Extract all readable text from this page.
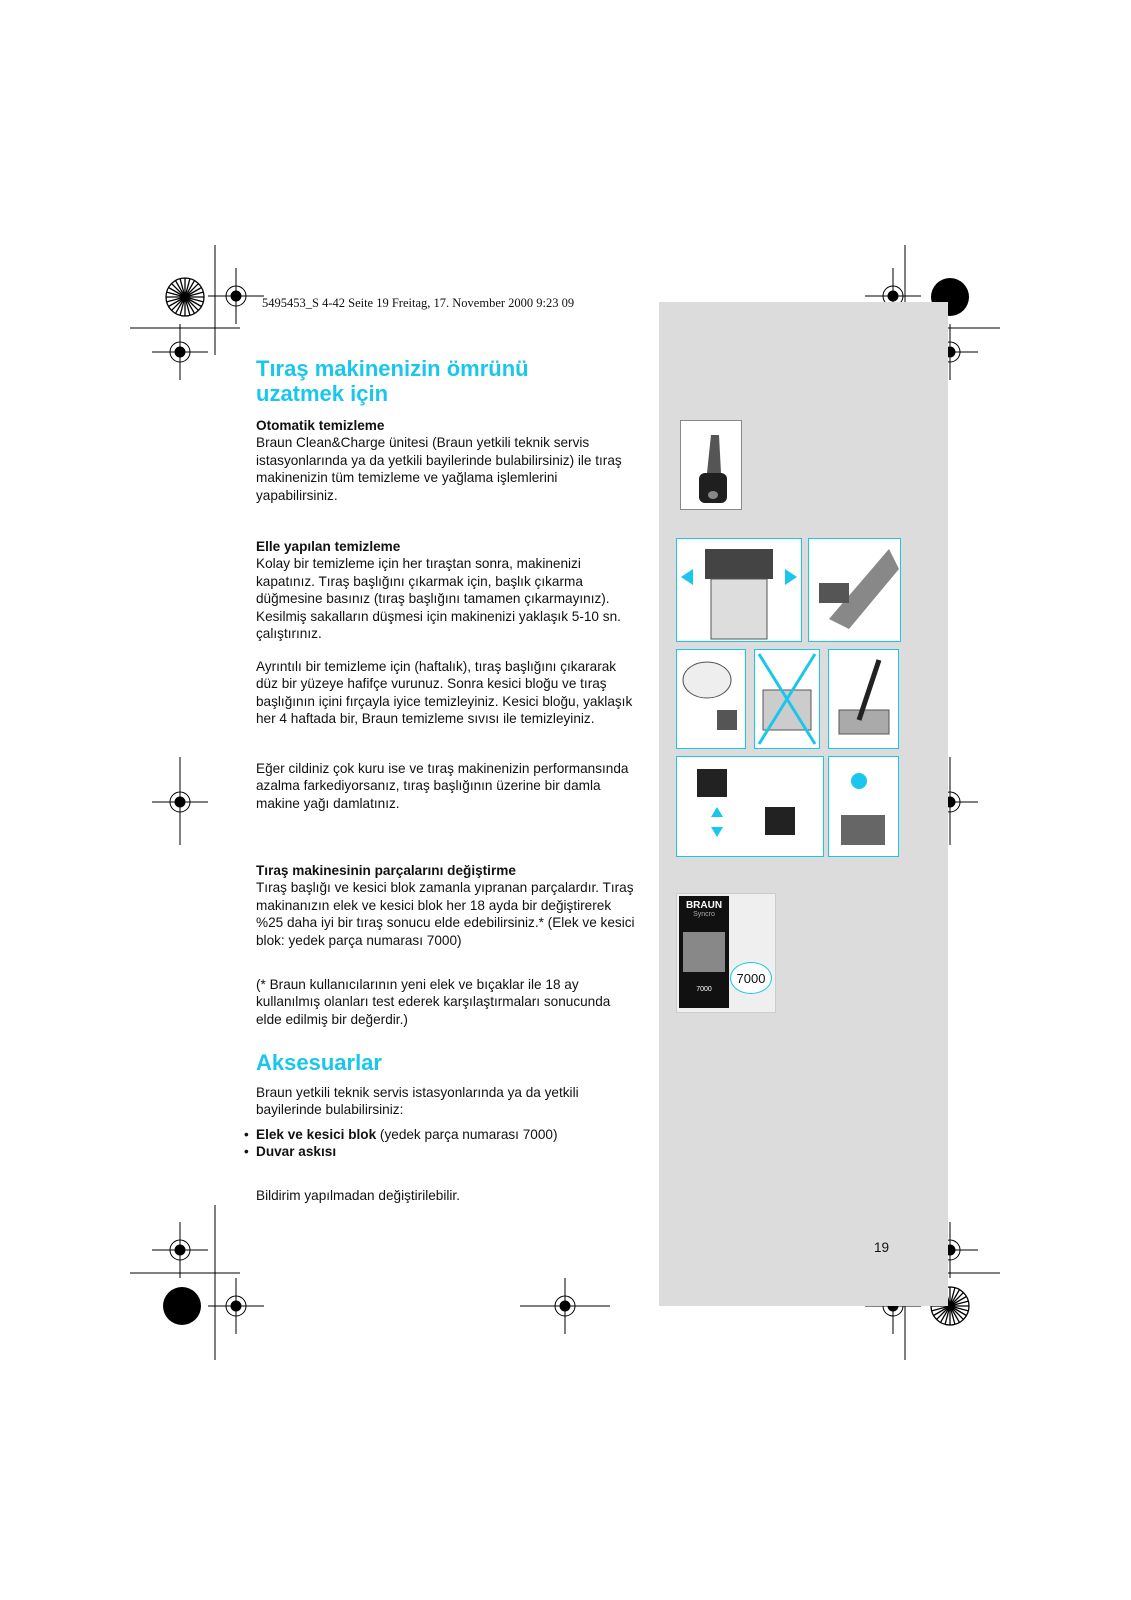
5495453_S 4-42 Seite 19 Freitag, 17. November 2000 9:23 09
Tıraş makinenizin ömrünü uzatmek için
Otomatik temizleme

Braun Clean&Charge ünitesi (Braun yetkili teknik servis istasyonlarında ya da yetkili bayilerinde bulabilirsiniz) ile tıraş makinenizin tüm temizleme ve yağlama işlemlerini yapabilirsiniz.

Elle yapılan temizleme

Kolay bir temizleme için her tıraştan sonra, makinenizi kapatınız. Tıraş başlığını çıkarmak için, başlık çıkarma düğmesine basınız (tıraş başlığını tamamen çıkarmayınız). Kesilmiş sakalların düşmesi için makinenizi yaklaşık 5-10 sn. çalıştırınız.

Ayrıntılı bir temizleme için (haftalık), tıraş başlığını çıkararak düz bir yüzeye hafifçe vurunuz. Sonra kesici bloğu ve tıraş başlığının içini fırçayla iyice temizleyiniz. Kesici bloğu, yaklaşık her 4 haftada bir, Braun temizleme sıvısı ile temizleyiniz.

Eğer cildiniz çok kuru ise ve tıraş makinenizin performansında azalma farkediyorsanız, tıraş başlığının üzerine bir damla makine yağı damlatınız.

Tıraş makinesinin parçalarını değiştirme

Tıraş başlığı ve kesici blok zamanla yıpranan parçalardır. Tıraş makinanızın elek ve kesici blok her 18 ayda bir değiştirerek %25 daha iyi bir tıraş sonucu elde edebilirsiniz.* (Elek ve kesici blok: yedek parça numarası 7000)

(* Braun kullanıcılarının yeni elek ve bıçaklar ile 18 ay kullanılmış olanları test ederek karşılaştırmaları sonucunda elde edilmiş bir değerdir.)

Aksesuarlar
Braun yetkili teknik servis istasyonlarında ya da yetkili bayilerinde bulabilirsiniz:
• Elek ve kesici blok (yedek parça numarası 7000)
• Duvar askısı
Bildirim yapılmadan değiştirilebilir.
19
BRAUN
Syncro
7000
7000
